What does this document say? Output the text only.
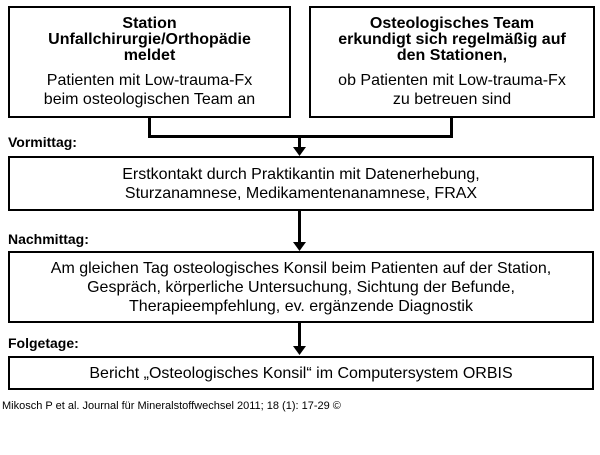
Station
Unfallchirurgie/Orthopädie
meldet
Patienten mit Low-trauma-Fx
beim osteologischen Team an
Osteologisches Team
erkundigt sich regelmäßig auf
den Stationen,
ob Patienten mit Low-trauma-Fx
zu betreuen sind
Vormittag:
Erstkontakt durch Praktikantin mit Datenerhebung,
Sturzanamnese, Medikamentenanamnese, FRAX
Nachmittag:
Am gleichen Tag osteologisches Konsil beim Patienten auf der Station,
Gespräch, körperliche Untersuchung, Sichtung der Befunde,
Therapieempfehlung, ev. ergänzende Diagnostik
Folgetage:
Bericht „Osteologisches Konsil“ im Computersystem ORBIS
Mikosch P et al. Journal für Mineralstoffwechsel 2011; 18 (1): 17-29 ©
